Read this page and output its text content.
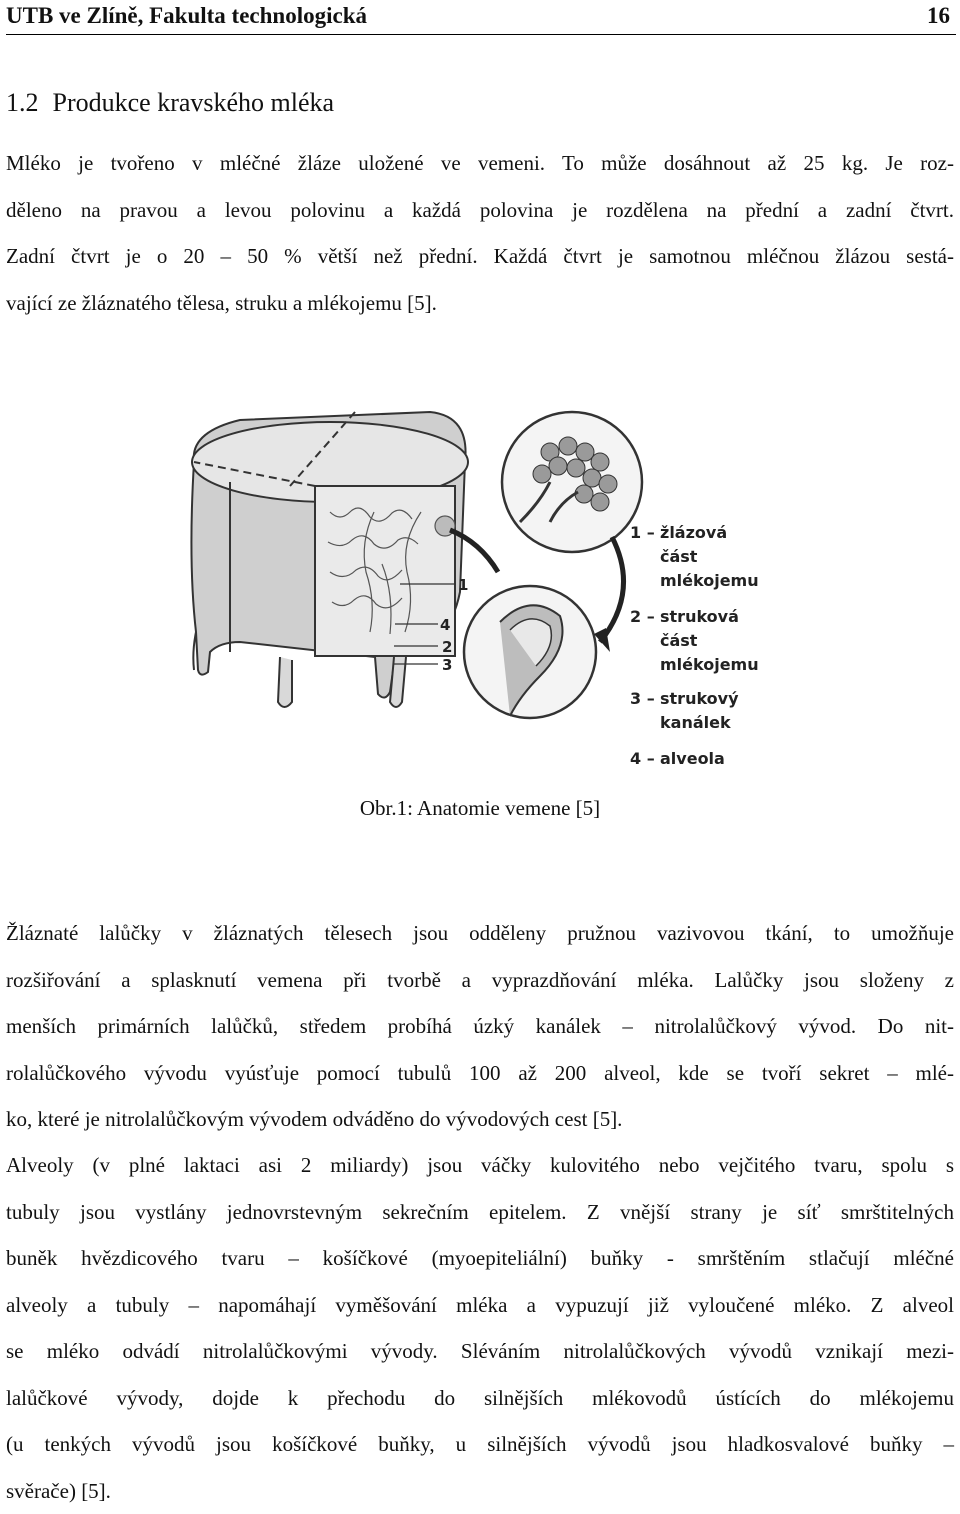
UTB ve Zlíně, Fakulta technologická	16
1.2 Produkce kravského mléka
Mléko je tvořeno v mléčné žláze uložené ve vemeni. To může dosáhnout až 25 kg. Je roz-
děleno na pravou a levou polovinu a každá polovina je rozdělena na přední a zadní čtvrt.
Zadní čtvrt je o 20 – 50 % větší než přední. Každá čtvrt je samotnou mléčnou žlázou sestá-
vající ze žláznatého tělesa, struku a mlékojemu [5].
1
4
2
3
1 – žlázová
část
mlékojemu
2 – struková
část
mlékojemu
3 – strukový
kanálek
4 – alveola
Obr.1: Anatomie vemene [5]
Žláznaté lalůčky v žláznatých tělesech jsou odděleny pružnou vazivovou tkání, to umožňuje
rozšiřování a splasknutí vemena při tvorbě a vyprazdňování mléka. Lalůčky jsou složeny z
menších primárních lalůčků, středem probíhá úzký kanálek – nitrolalůčkový vývod. Do nit-
rolalůčkového vývodu vyúsťuje pomocí tubulů 100 až 200 alveol, kde se tvoří sekret – mlé-
ko, které je nitrolalůčkovým vývodem odváděno do vývodových cest [5].
Alveoly (v plné laktaci asi 2 miliardy) jsou váčky kulovitého nebo vejčitého tvaru, spolu s
tubuly jsou vystlány jednovrstevným sekrečním epitelem. Z vnější strany je síť smrštitelných
buněk hvězdicového tvaru – košíčkové (myoepiteliální) buňky - smrštěním stlačují mléčné
alveoly a tubuly – napomáhají vyměšování mléka a vypuzují již vyloučené mléko. Z alveol
se mléko odvádí nitrolalůčkovými vývody. Sléváním nitrolalůčkových vývodů vznikají mezi-
lalůčkové vývody, dojde k přechodu do silnějších mlékovodů ústících do mlékojemu
(u tenkých vývodů jsou košíčkové buňky, u silnějších vývodů jsou hladkosvalové buňky –
svěrače) [5].
